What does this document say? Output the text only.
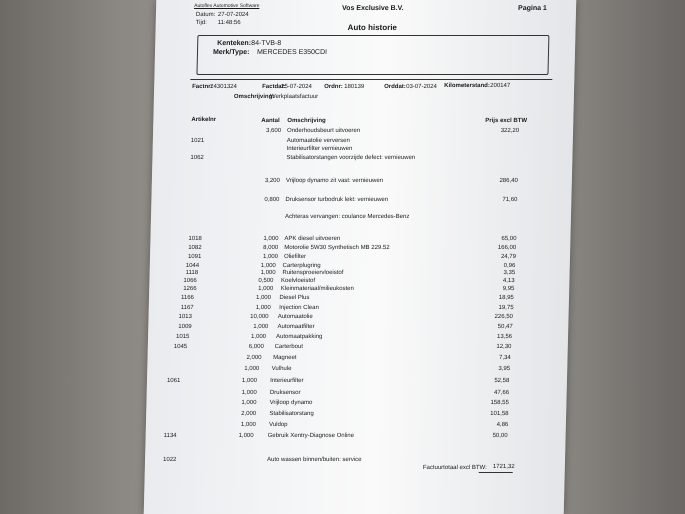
Autoflex Automotive Software	Vos Exclusive B.V.	Pagina 1
Datum: 27-07-2024
Tijd: 11:48:56	Auto historie
Kenteken: 84-TVB-8
Merk/Type: MERCEDES E350CDI
Factnr:
24301324	Factdat:
25-07-2024 Ordnr: 180139	Orddat: 03-07-2024 Kilometerstand: 200147
Omschrijving:
Werkplaatsfactuur
Artikelnr	Aantal Omschrijving	Prijs excl BTW
3,600 Onderhoudsbeurt uitvoeren	322,20
1021	Automaatolie verversen
Interieurfilter vernieuwen
1062	Stabilisatorstangen voorzijde defect: vernieuwen
3,200 Vrijloop dynamo zit vast: vernieuwen	286,40
0,800 Druksensor turbodruk lekt: vernieuwen	71,60
Achteras vervangen: coulance Mercedes-Benz
1018	1,000 APK diesel uitvoeren	65,00
1082	8,000 Motorolie 5W30 Synthetisch MB 229.52	166,00
1091	1,000 Oliefilter	24,79
1044	1,000 Carterplugring	0,96
1118	1,000 Ruitensproeiervloeistof	3,35
1066	0,500 Koelvloeistof	4,13
1266	1,000 Kleinmateriaal/milieukosten	9,95
1166	1,000 Diesel Plus	18,95
1167	1,000 Injection Clean	19,75
1013	10,000 Automaatolie	226,50
1009	1,000 Automaatfilter	50,47
1015	1,000 Automaatpakking	13,56
1045	6,000 Carterbout	12,30
2,000 Magneet	7,34
1,000 Vulhule	3,95
1061	1,000 Interieurfilter	52,58
1,000 Druksensor	47,66
1,000 Vrijloop dynamo	158,55
2,000 Stabilisatorstang	101,58
1,000 Vuldop	4,86
1134	1,000 Gebruik Xentry-Diagnose Online	50,00
1022	Auto wassen binnen/buiten: service
Factuurtotaal excl BTW: 1721,32
